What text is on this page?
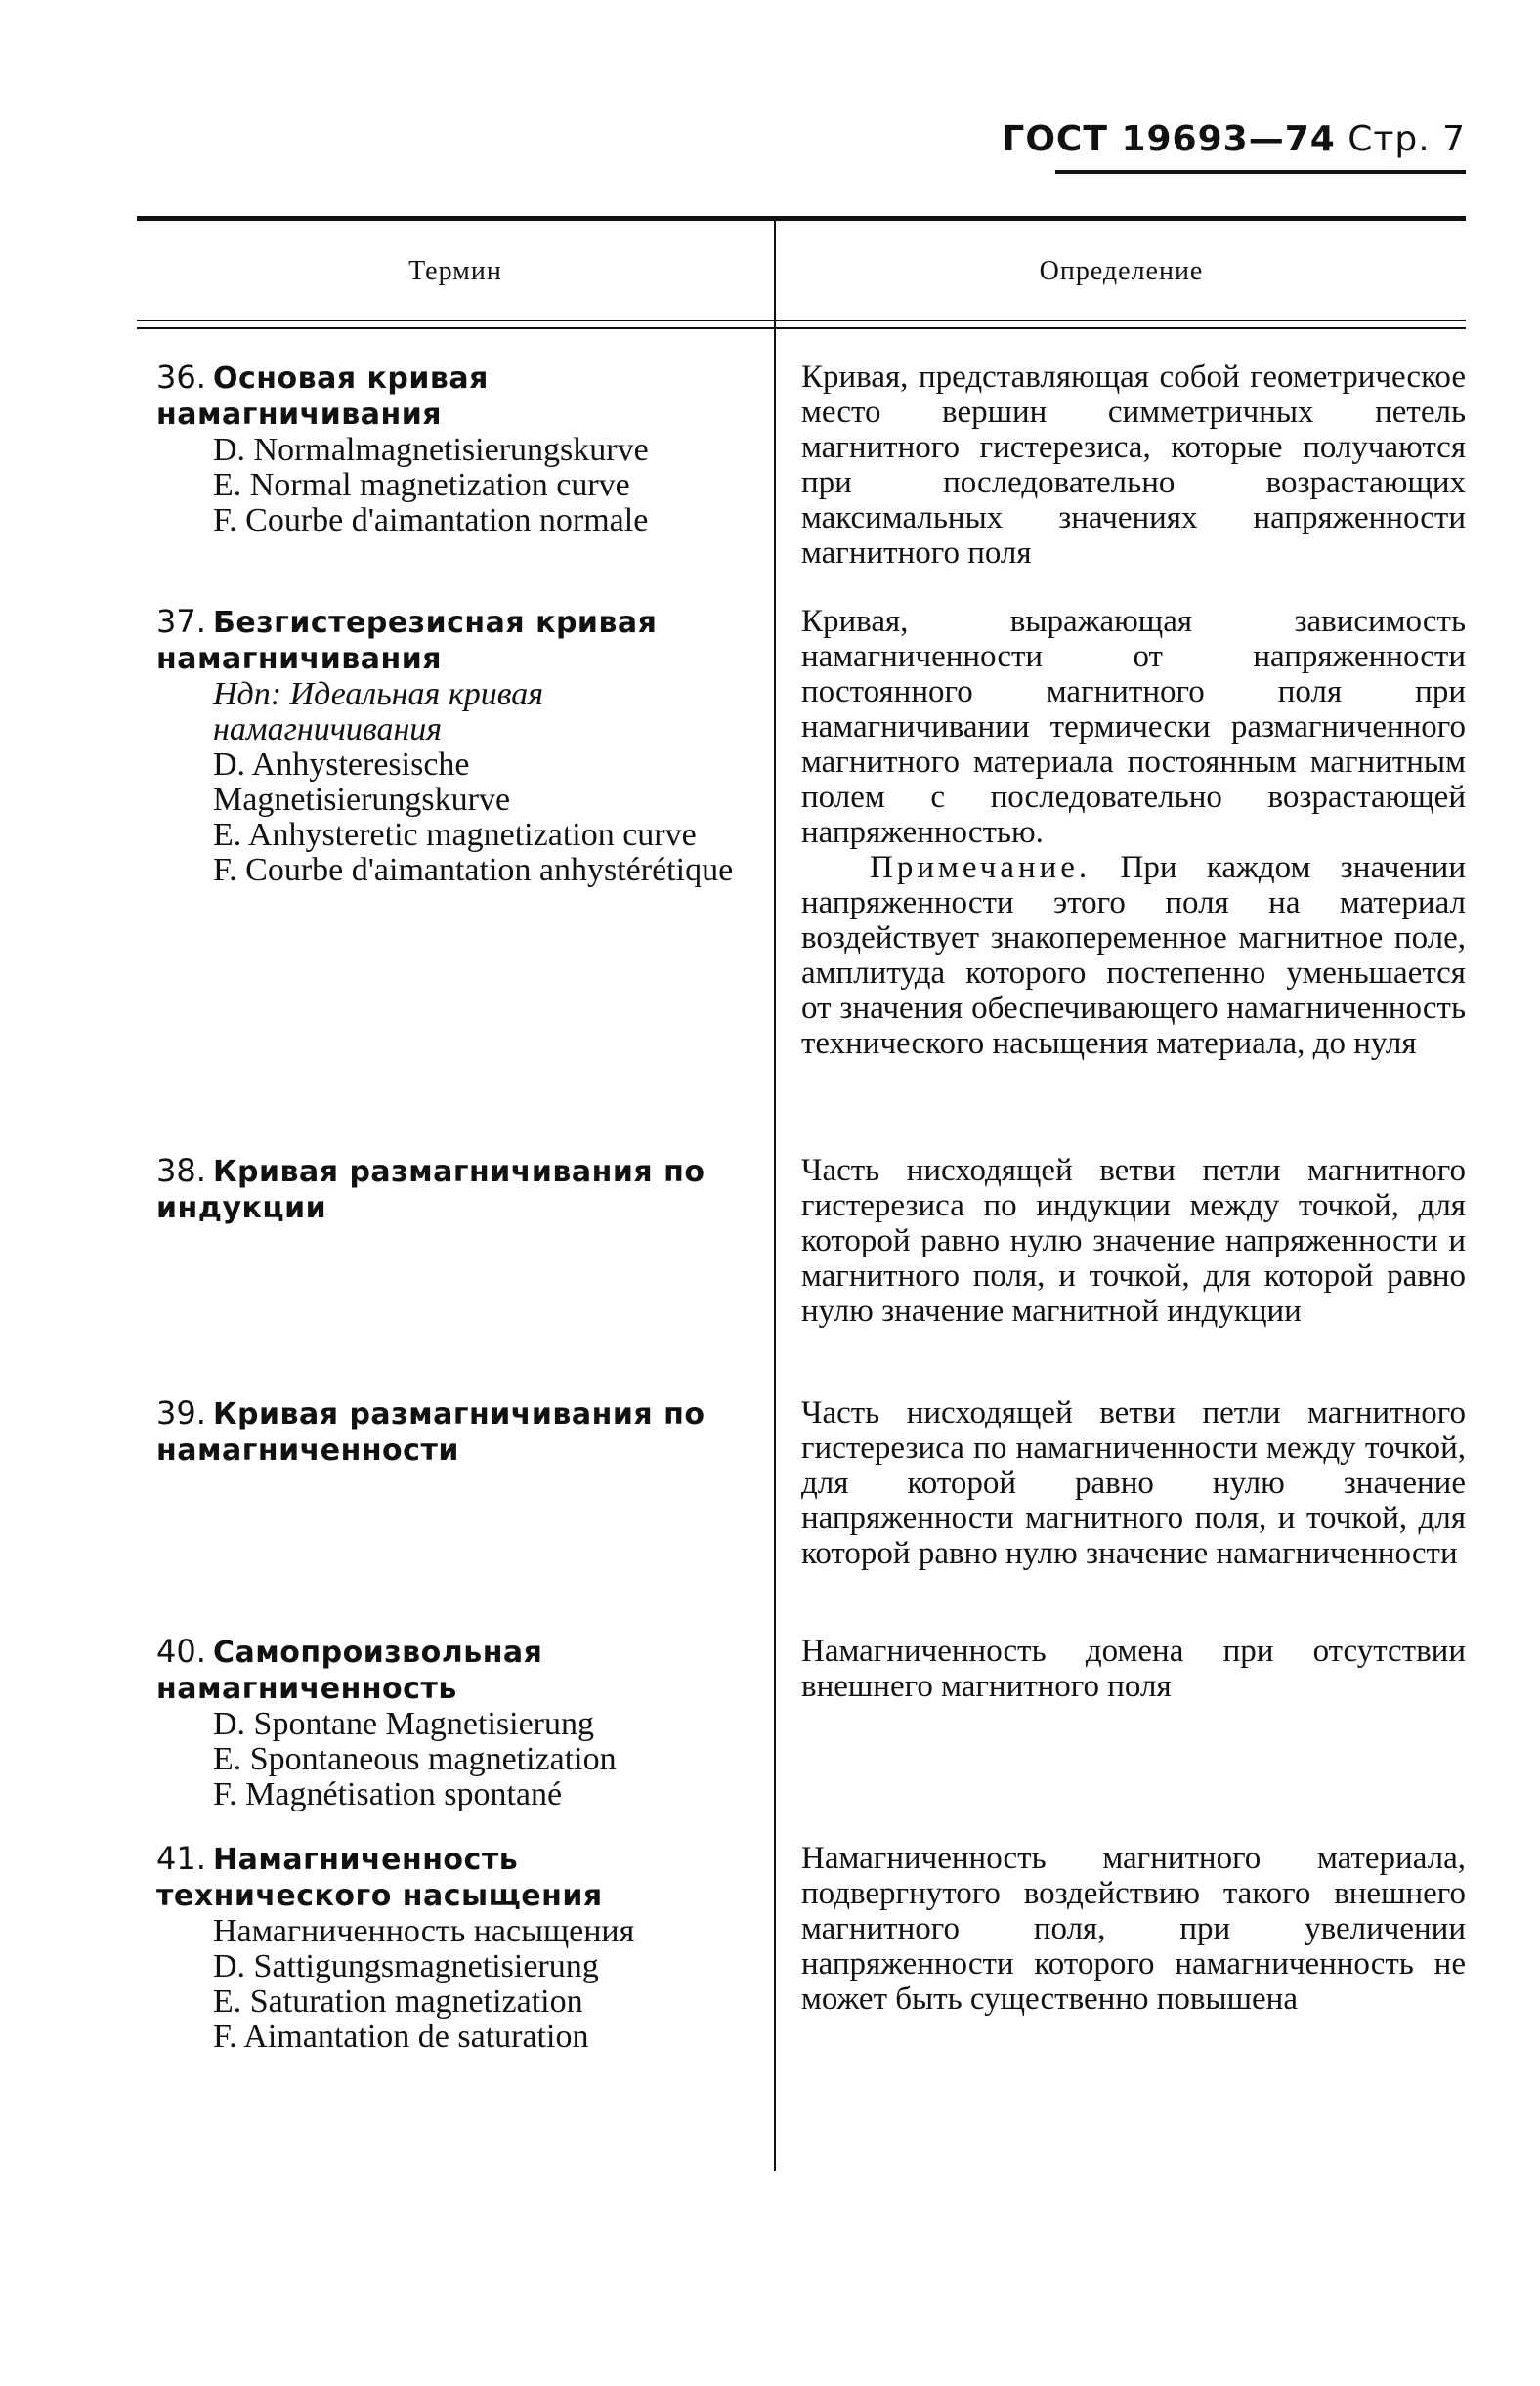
ГОСТ 19693—74 Стр. 7
Термин	Определение
36. Основая кривая намагничивания
D. Normalmagnetisierungskurve
E. Normal magnetization curve
F. Courbe d'aimantation normale

Кривая, представляющая собой геометрическое место вершин симметричных петель магнитного гистерезиса, которые получаются при последовательно возрастающих максимальных значениях напряженности магнитного поля

37. Безгистерезисная кривая намагничивания
Ндп: Идеальная кривая намагничивания
D. Anhysteresische Magnetisierungskurve
E. Anhysteretic magnetization curve
F. Courbe d'aimantation anhystérétique

Кривая, выражающая зависимость намагниченности от напряженности постоянного магнитного поля при намагничивании термически размагниченного магнитного материала постоянным магнитным полем с последовательно возрастающей напряженностью.

Примечание. При каждом значении напряженности этого поля на материал воздействует знакопеременное магнитное поле, амплитуда которого постепенно уменьшается от значения обеспечивающего намагниченность технического насыщения материала, до нуля

38. Кривая размагничивания по индукции

Часть нисходящей ветви петли магнитного гистерезиса по индукции между точкой, для которой равно нулю значение напряженности и магнитного поля, и точкой, для которой равно нулю значение магнитной индукции

39. Кривая размагничивания по намагниченности

Часть нисходящей ветви петли магнитного гистерезиса по намагниченности между точкой, для которой равно нулю значение напряженности магнитного поля, и точкой, для которой равно нулю значение намагниченности

40. Самопроизвольная намагниченность
D. Spontane Magnetisierung
E. Spontaneous magnetization
F. Magnétisation spontané

Намагниченность домена при отсутствии внешнего магнитного поля

41. Намагниченность технического насыщения
Намагниченность насыщения
D. Sattigungsmagnetisierung
E. Saturation magnetization
F. Aimantation de saturation

Намагниченность магнитного материала, подвергнутого воздействию такого внешнего магнитного поля, при увеличении напряженности которого намагниченность не может быть существенно повышена
